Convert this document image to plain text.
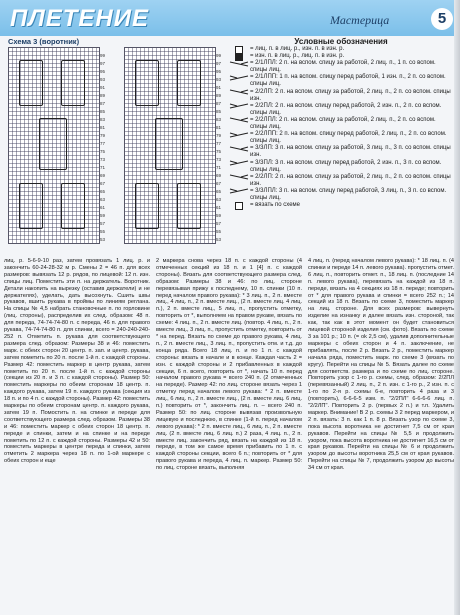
ПЛЕТЕНИЕ	Мастерица	5
Схема 3 (воротник)
99
97
95
93
91
89
87
85
83
81
79
77
75
73
71
69
67
65
63
61
59
57
55
53
99
97
95
93
91
89
87
85
83
81
79
77
75
73
71
69
67
65
63
61
59
57
55
53
Условные обозначения
= лиц. п. в лиц. р., изн. п. в изн. р.
= изн. п. в лиц. р., лиц. п. в изн. р.
= 2/1ЛПЛ: 2 п. на вспом. спицу за работой, 2 лиц. п., 1 п. со вспом. спицы лиц.
= 2/1ЛПП: 1 п. на вспом. спицу перед работой, 1 изн. п., 2 п. со вспом. спицы лиц.
= 2/2ЛП: 2 п. на вспом. спицу за работой, 2 лиц. п., 2 п. со вспом. спицы изн.
= 2/2ПЛ: 2 п. на вспом. спицу перед работой, 2 изн. п., 2 п. со вспом. спицы лиц.
= 2/2ЛПЛ: 2 п. на вспом. спицу за работой, 2 лиц. п., 2 п. со вспом. спицы лиц.
= 2/2ЛПП: 2 п. на вспом. спицу перед работой, 2 лиц. п., 2 п. со вспом. спицы лиц.
= 3/3ЛП: 3 п. на вспом. спицу за работой, 3 лиц. п., 3 п. со вспом. спицы изн.
= 3/3ПЛ: 3 п. на вспом. спицу перед работой, 2 изн. п., 3 п. со вспом. спицы лиц.
= 2/2ЛП: 2 п. на вспом. спицу за работой, 2 лиц. п., 2 п. со вспом. спицы изн.
= 3/3ЛПЛ: 3 п. на вспом. спицу перед работой, 3 лиц. п., 3 п. со вспом. спицы лиц.
= вязать по схеме
лиц. р. 5-6-9-10 раз, затем провязать 1 лиц. р. и закончить 60-24-28-32 м р. Смены 2 = 46 п. для всех размеров: вывязать 12 р. рядов, по лицевой: 12 п. изн. спицы лиц. Поместить эти п. на держатель. Воротник. Детали накопить на вырезку (оставив держатели) и не держателях), уделать, дать высохнуть. Сшить швы рукавов, вшить рукава в проймы по линиям реглана. На спицы № 4,5 набрать становочные п. по горловине (лиц. стороны), распределив их след. образом: 48 п. для переда, 74-74-74-80 п. с переда, 46 п. для правого рукава, 74-74-74-80 п. для спинки, всего = 240-240-240-252 п. Отметить п. рукава для соответствующего размера след. образом: Размеры 38 и 46: поместить марк. с обеих сторон 20 центр. п. зап. и центр. рукава, затем пометить по 20 п. после 1-й п. с каждой стороны. Размер 42: поместить маркер в центр рукава, затем пометить по 20 п. после 1-й п. с каждой стороны (секции из 20 п. и 3 п. с каждой стороны). Размер 50: поместить маркеры по обеим сторонам 18 центр. п. каждого рукава, затем 19 п. каждого рукава (секция из 18 п. и по 4 п. с каждой стороны). Размер 42: поместить маркеры по обеим сторонам центр. п. каждого рукава, затем 19 п. Помостить п. на спинке и переде для соответствующего размера след. образом. Размеры 38 и 46: поместить маркер с обеих сторон 18 центр. п. переде и спинки, затем и на спинке и на переде пометить по 12 п. с каждой стороны. Размеры 42 и 50: поместить маркеры в центре переда и спинки, затем отметить 2 маркера через 18 п. по 1-ой маркере с обеих сторон и еще
2 маркера снова через 18 п. с каждой стороны (4 отмеченных секций из 18 п. и 1 [4] п. с каждой стороны). Вязать для соответствующего размера след. образом: Размеры 38 и 46: по лиц. стороне перевязывая прижу к последнему, 10 п. спинки (10 п. перед началом правого рукава): * 3 лиц. п., 2 п. вместе лиц., 4 лиц. п., 2 п. вместе лиц., (2 п. вместе лиц. 4 лиц. п.), 2 п. вместе лиц., 5 лиц. п., пропустить отметку, повторить от *, выполняем на правом рукаве, вязать по схеме: 4 лиц. п., 2 п. вместе лиц. (повтор. 4 лиц. п., 2 п. вместе лиц., 3 лиц. п., пропустить отметку, повторить от * на перед. Вязать по схеме до правого рукава, 4 лиц. п., 2 п. вместе лиц., 3 лиц. п., пропустить отм. и т.д. до конца ряда. Всего 18 лиц. п. и по 1 п. с каждой стороны: вязать в начале и в конце. Каждая часть 2 = изн. с каждой стороны и 2 прибавленных в каждой секции, 6 п. всего, повторить от *, начать 10 п. перед началом правого рукава = всего 240 п. (2 отмеченных на переде). Размер 42: по лиц. стороне вязать через 1 отметку перед началом левого рукава: * 2 п. вместе лиц., 6 лиц. п., 2 п. вместе лиц., (2 п. вместе лиц. 6 лиц. п.) повторить от *, закончить лиц. п. – всего 240 п. Размер 50: по лиц. стороне вывязав произвольную лицевую и последнюю, в спинке (1-й п. перед началом левого рукава): * 2 п. вместе лиц., 6 лиц. п., 2 п. вместе лиц. (2 п. вместе лиц. 6 лиц. п.) 2 раза, 4 лиц. п., 2 п. вместе лиц. закончить ряд, вязать на каждой из 18 п. переде, в том же самое время прибавить по 1 п. с каждой стороны секции, всего 6 п.; повторить от * для правого рукава и переда, 4 лиц. п. маркер. Размер 50: по лиц. стороне вязать, выполняя
4 лиц. п. (перед началом левого рукава): * 18 лиц. п. (4 спинки и переде 14 п. левого рукава). пропустить отмет. 6 лиц. п., повторить отмет. п., 18 лиц. п. (последние 14 п. левого рукава), перевязать на каждой из 18 п. переде, вязать на 4 секциях из 18 п. переде; повторить от * для правого рукава и спинки = всего 252 п.; 14 секций из 18 п. Вязать по схеме 3, поместить маркер на лиц. стороне. Для всех размеров: вывернуть изделие на изнанку и далее вязать изн. стороной, так как, так как в этот момент он будет становиться лицевой стороной изделия (см. фото). Вязать по схеме 3 за 101 р.; 10 п. (= ok 2,5 см), удалив дополнительные маркеры с обеих сторон и 4 п. заключение, не прибавлять, после 2 р. Вязать 2 р., поместить маркер начала ряда, поместить марк. по схеме 3 (вязать по кругу). Перейти на спицы № 5. Вязать далее по схеме для соответств. размера и по схеме по лиц. стороне. Повторить узор с 1-го р. схемы, след. образом: 2/2ПЛ (перевязанный) 2 лиц. п., 2 п. изн. с 1-го р., 2 изн. п. с 1-го по 2-я р. схемы 6-е, повторить 4 раза и 3 (повторить), 6-6-6-5 изм. п. "2/2ПЛ" 6-6-6-6 лиц. п. "2/2ЛП". Повторить 2 р. (первых 2 п.) и т.п. Удалить маркер. Внимание! В 2 р. схемы 3 2 перед маркером, и 2 п. вязать: 3 п. как 1 п. 8 р. Вязать узор по схеме 3, пока высота воротника не достигнет 7,5 см от края рукавов. Перейти на спицы № 5,5 и продолжить узором, пока высота воротника не достигнет 16,5 см от края рукавов. Перейти на спицы № 6 и продолжить узором до высоты воротника 25,5 см от края рукавов. Перейти на спицы № 7, продолжить узором до высоты 34 см от края.
